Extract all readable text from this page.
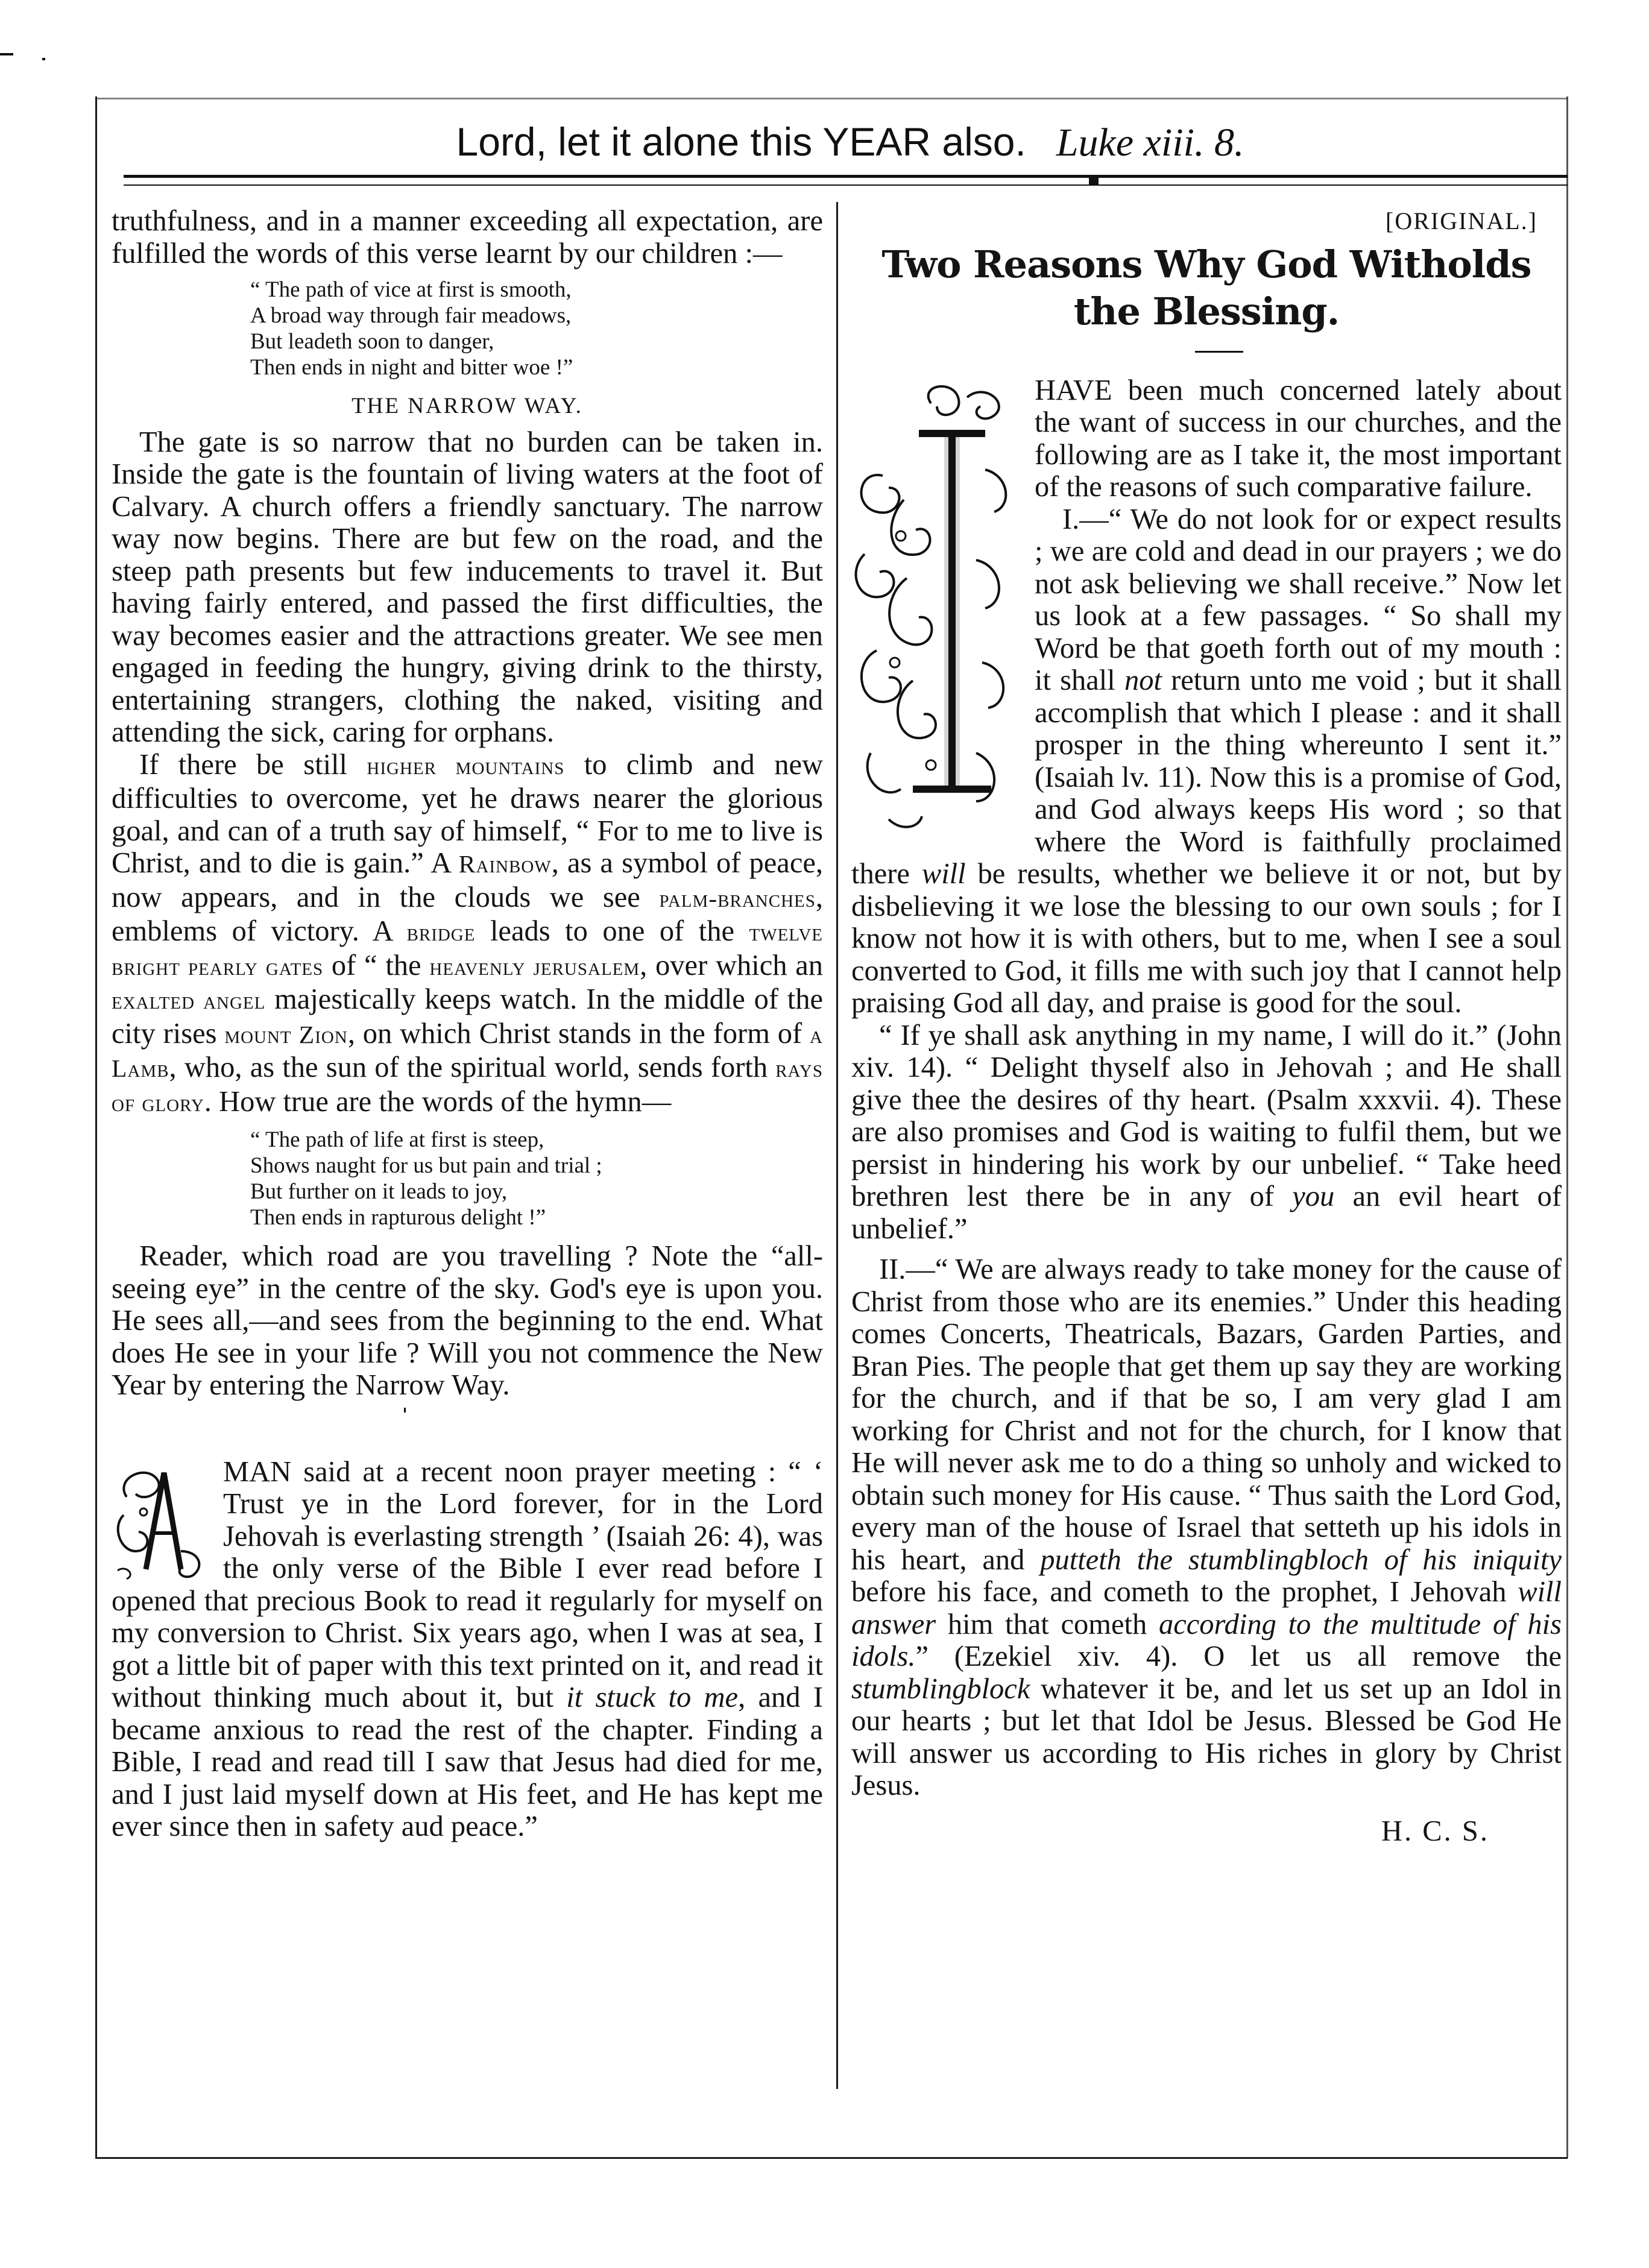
Lord, let it alone this YEAR also. Luke xiii. 8.

truthfulness, and in a manner exceeding all expectation, are fulfilled the words of this verse learnt by our children :—

“ The path of vice at first is smooth,
A broad way through fair meadows,
But leadeth soon to danger,
Then ends in night and bitter woe !”

THE NARROW WAY.

The gate is so narrow that no burden can be taken in. Inside the gate is the fountain of living waters at the foot of Calvary. A church offers a friendly sanctuary. The narrow way now begins. There are but few on the road, and the steep path presents but few inducements to travel it. But having fairly entered, and passed the first difficulties, the way becomes easier and the attractions greater. We see men engaged in feeding the hungry, giving drink to the thirsty, entertaining strangers, clothing the naked, visiting and attending the sick, caring for orphans.

If there be still higher mountains to climb and new difficulties to overcome, yet he draws nearer the glorious goal, and can of a truth say of himself, “ For to me to live is Christ, and to die is gain.” A Rainbow, as a symbol of peace, now appears, and in the clouds we see palm-branches, emblems of victory. A bridge leads to one of the twelve bright pearly gates of “ the heavenly jerusalem, over which an exalted angel majestically keeps watch. In the middle of the city rises mount Zion, on which Christ stands in the form of a Lamb, who, as the sun of the spiritual world, sends forth rays of glory. How true are the words of the hymn—

“ The path of life at first is steep,
Shows naught for us but pain and trial ;
But further on it leads to joy,
Then ends in rapturous delight !”

Reader, which road are you travelling ? Note the “all-seeing eye” in the centre of the sky. God's eye is upon you. He sees all,—and sees from the beginning to the end. What does He see in your life ? Will you not commence the New Year by entering the Narrow Way.

MAN said at a recent noon prayer meeting : “ ‘ Trust ye in the Lord forever, for in the Lord Jehovah is everlasting strength ’ (Isaiah 26: 4), was the only verse of the Bible I ever read before I opened that precious Book to read it regularly for myself on my conversion to Christ. Six years ago, when I was at sea, I got a little bit of paper with this text printed on it, and read it without thinking much about it, but it stuck to me, and I became anxious to read the rest of the chapter. Finding a Bible, I read and read till I saw that Jesus had died for me, and I just laid myself down at His feet, and He has kept me ever since then in safety aud peace.”

[ORIGINAL.]

Two Reasons Why God Witholds the Blessing.

HAVE been much concerned lately about the want of success in our churches, and the following are as I take it, the most important of the reasons of such comparative failure.

I.—“ We do not look for or expect results ; we are cold and dead in our prayers ; we do not ask believing we shall receive.” Now let us look at a few passages. “ So shall my Word be that goeth forth out of my mouth : it shall not return unto me void ; but it shall accomplish that which I please : and it shall prosper in the thing whereunto I sent it.” (Isaiah lv. 11). Now this is a promise of God, and God always keeps His word ; so that where the Word is faithfully proclaimed there will be results, whether we believe it or not, but by disbelieving it we lose the blessing to our own souls ; for I know not how it is with others, but to me, when I see a soul converted to God, it fills me with such joy that I cannot help praising God all day, and praise is good for the soul.

“ If ye shall ask anything in my name, I will do it.” (John xiv. 14). “ Delight thyself also in Jehovah ; and He shall give thee the desires of thy heart. (Psalm xxxvii. 4). These are also promises and God is waiting to fulfil them, but we persist in hindering his work by our unbelief. “ Take heed brethren lest there be in any of you an evil heart of unbelief.”

II.—“ We are always ready to take money for the cause of Christ from those who are its enemies.” Under this heading comes Concerts, Theatricals, Bazars, Garden Parties, and Bran Pies. The people that get them up say they are working for the church, and if that be so, I am very glad I am working for Christ and not for the church, for I know that He will never ask me to do a thing so unholy and wicked to obtain such money for His cause. “ Thus saith the Lord God, every man of the house of Israel that setteth up his idols in his heart, and putteth the stumblingbloch of his iniquity before his face, and cometh to the prophet, I Jehovah will answer him that cometh according to the multitude of his idols.” (Ezekiel xiv. 4). O let us all remove the stumblingblock whatever it be, and let us set up an Idol in our hearts ; but let that Idol be Jesus. Blessed be God He will answer us according to His riches in glory by Christ Jesus.

H. C. S.
